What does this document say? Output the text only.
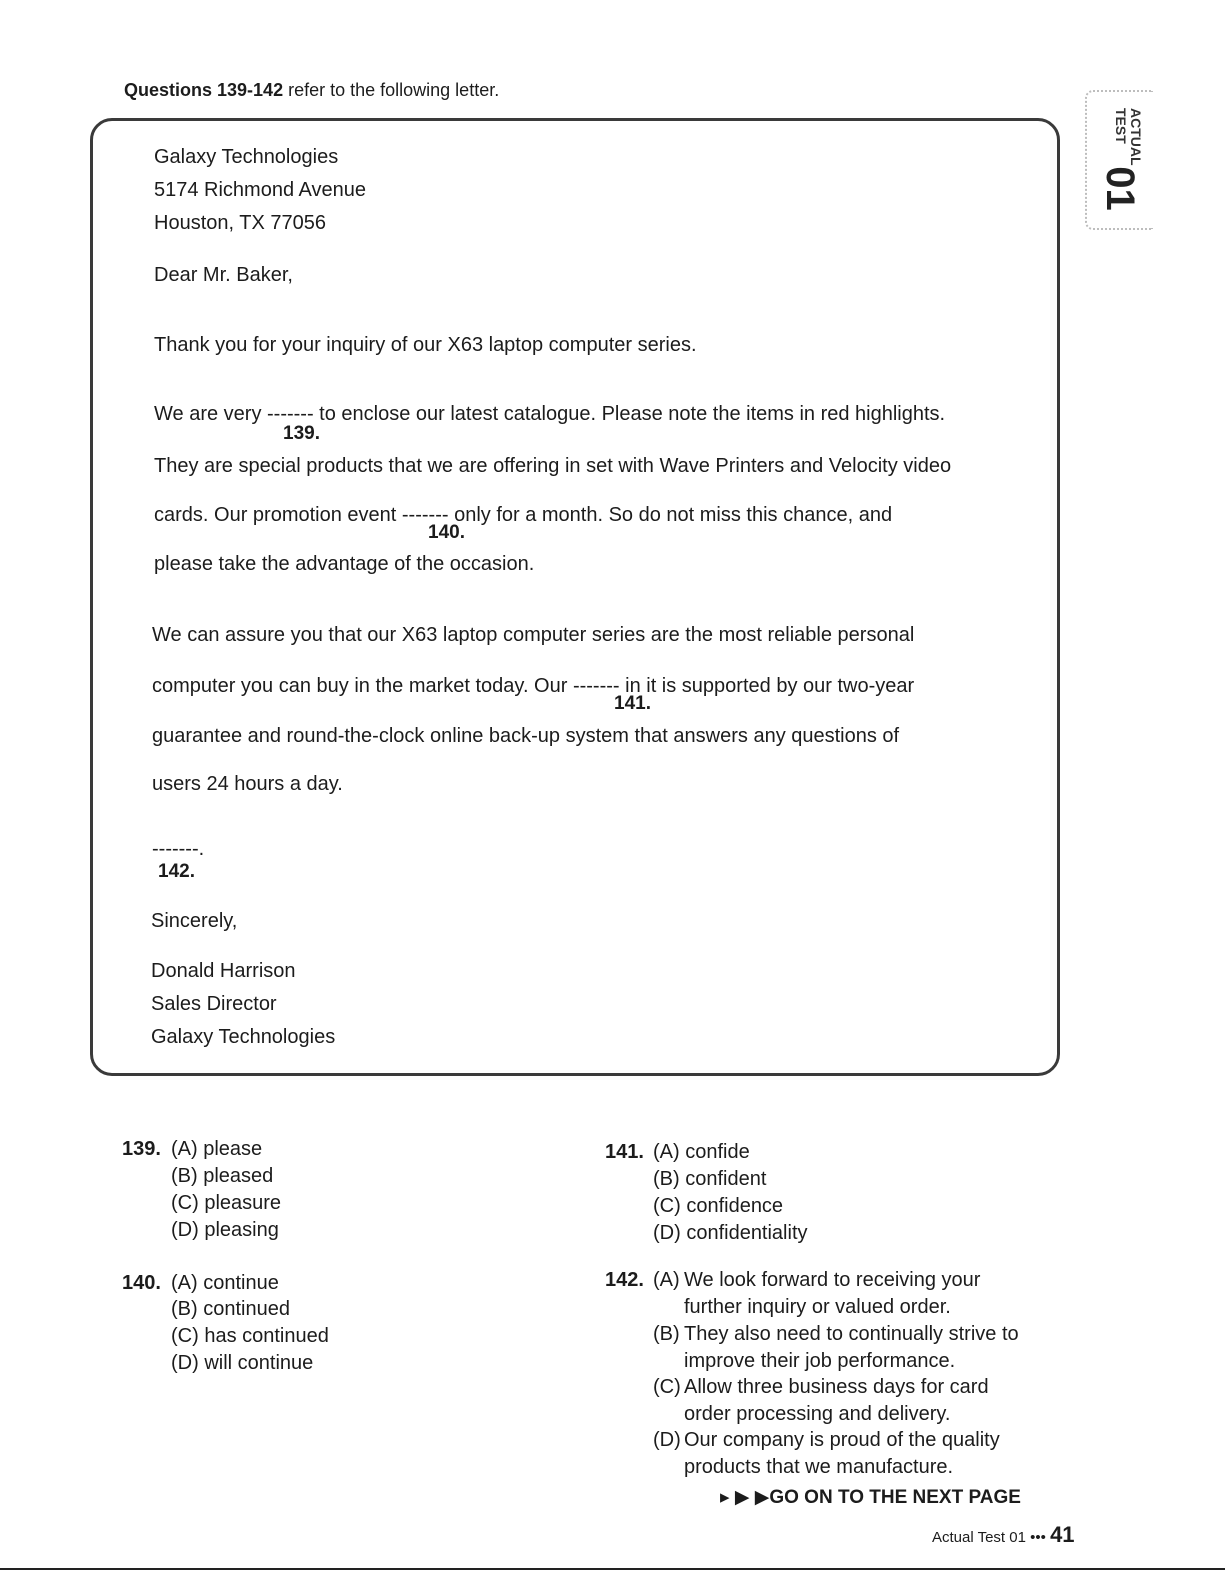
Questions 139-142 refer to the following letter.
ACTUAL
TEST
01
Galaxy Technologies
5174 Richmond Avenue
Houston, TX 77056
Dear Mr. Baker,
Thank you for your inquiry of our X63 laptop computer series.
We are very ------- to enclose our latest catalogue. Please note the items in red highlights.
139.
They are special products that we are offering in set with Wave Printers and Velocity video
cards. Our promotion event ------- only for a month. So do not miss this chance, and
140.
please take the advantage of the occasion.
We can assure you that our X63 laptop computer series are the most reliable personal
computer you can buy in the market today. Our ------- in it is supported by our two-year
141.
guarantee and round-the-clock online back-up system that answers any questions of
users 24 hours a day.
-------.
142.
Sincerely,
Donald Harrison
Sales Director
Galaxy Technologies
139. (A) please
(B) pleased
(C) pleasure
(D) pleasing
140. (A) continue
(B) continued
(C) has continued
(D) will continue
141. (A) confide
(B) confident
(C) confidence
(D) confidentiality
142. (A) We look forward to receiving your
further inquiry or valued order.
(B) They also need to continually strive to
improve their job performance.
(C) Allow three business days for card
order processing and delivery.
(D) Our company is proud of the quality
products that we manufacture.
▸ ▶ ▶GO ON TO THE NEXT PAGE
Actual Test 01 ••• 41
